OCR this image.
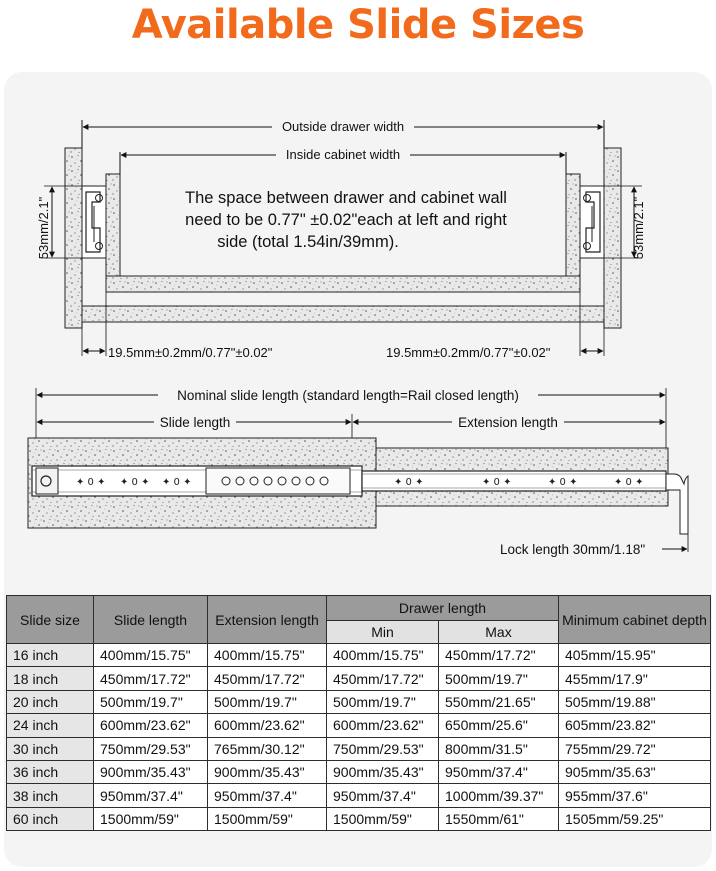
Available Slide Sizes
Outside drawer width
Inside cabinet width
The space between drawer and cabinet wall
need to be 0.77" ±0.02"each at left and right
side (total 1.54in/39mm).
53mm/2.1"	53mm/2.1"
19.5mm±0.2mm/0.77"±0.02"	19.5mm±0.2mm/0.77"±0.02"
Nominal slide length (standard length=Rail closed length)
Slide length	Extension length
✦ 0 ✦ ✦ 0 ✦ ✦ 0 ✦	✦ 0 ✦	✦ 0 ✦	✦ 0 ✦	✦ 0 ✦
Lock length 30mm/1.18"
Slide size	Slide length	Extension length	Drawer length		Minimum cabinet depth
			Min	Max	
16 inch	400mm/15.75"	400mm/15.75"	400mm/15.75"	450mm/17.72"	405mm/15.95"
18 inch	450mm/17.72"	450mm/17.72"	450mm/17.72"	500mm/19.7"	455mm/17.9"
20 inch	500mm/19.7"	500mm/19.7"	500mm/19.7"	550mm/21.65"	505mm/19.88"
24 inch	600mm/23.62"	600mm/23.62"	600mm/23.62"	650mm/25.6"	605mm/23.82"
30 inch	750mm/29.53"	765mm/30.12"	750mm/29.53"	800mm/31.5"	755mm/29.72"
36 inch	900mm/35.43"	900mm/35.43"	900mm/35.43"	950mm/37.4"	905mm/35.63"
38 inch	950mm/37.4"	950mm/37.4"	950mm/37.4"	1000mm/39.37"	955mm/37.6"
60 inch	1500mm/59"	1500mm/59"	1500mm/59"	1550mm/61"	1505mm/59.25"
